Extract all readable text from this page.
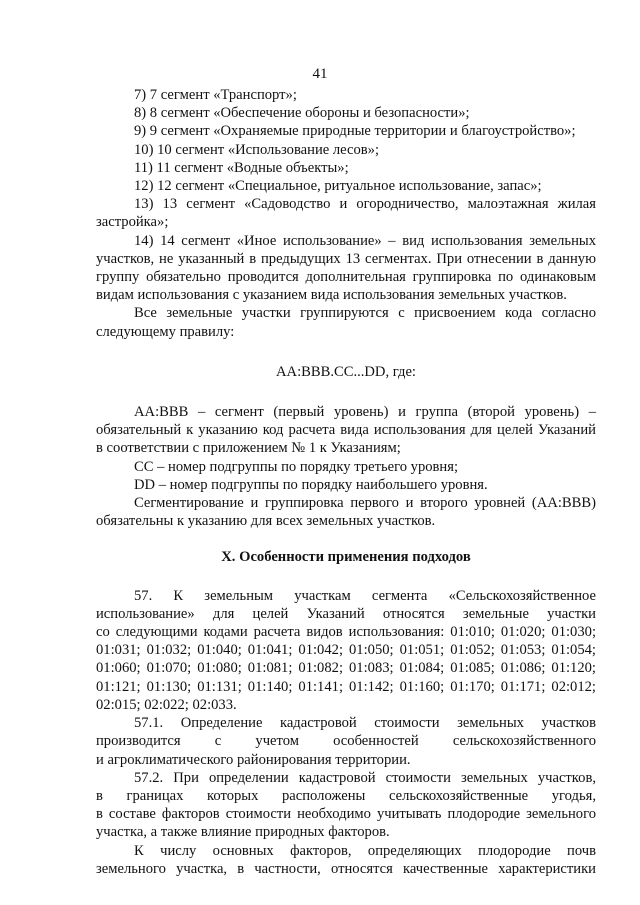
41
7) 7 сегмент «Транспорт»;
8) 8 сегмент «Обеспечение обороны и безопасности»;
9) 9 сегмент «Охраняемые природные территории и благоустройство»;
10) 10 сегмент «Использование лесов»;
11) 11 сегмент «Водные объекты»;
12) 12 сегмент «Специальное, ритуальное использование, запас»;
13) 13 сегмент «Садоводство и огородничество, малоэтажная жилая
застройка»;
14) 14 сегмент «Иное использование» – вид использования земельных
участков, не указанный в предыдущих 13 сегментах. При отнесении в данную
группу обязательно проводится дополнительная группировка по одинаковым
видам использования с указанием вида использования земельных участков.
Все земельные участки группируются с присвоением кода согласно
следующему правилу:
AA:BBB.CC...DD, где:
AA:BBB – сегмент (первый уровень) и группа (второй уровень) –
обязательный к указанию код расчета вида использования для целей Указаний
в соответствии с приложением № 1 к Указаниям;
CC – номер подгруппы по порядку третьего уровня;
DD – номер подгруппы по порядку наибольшего уровня.
Сегментирование и группировка первого и второго уровней (AA:BBB)
обязательны к указанию для всех земельных участков.
X. Особенности применения подходов
57. К земельным участкам сегмента «Сельскохозяйственное
использование» для целей Указаний относятся земельные участки
со следующими кодами расчета видов использования: 01:010; 01:020; 01:030;
01:031; 01:032; 01:040; 01:041; 01:042; 01:050; 01:051; 01:052; 01:053; 01:054;
01:060; 01:070; 01:080; 01:081; 01:082; 01:083; 01:084; 01:085; 01:086; 01:120;
01:121; 01:130; 01:131; 01:140; 01:141; 01:142; 01:160; 01:170; 01:171; 02:012;
02:015; 02:022; 02:033.
57.1. Определение кадастровой стоимости земельных участков
производится с учетом особенностей сельскохозяйственного
и агроклиматического районирования территории.
57.2. При определении кадастровой стоимости земельных участков,
в границах которых расположены сельскохозяйственные угодья,
в составе факторов стоимости необходимо учитывать плодородие земельного
участка, а также влияние природных факторов.
К числу основных факторов, определяющих плодородие почв
земельного участка, в частности, относятся качественные характеристики
